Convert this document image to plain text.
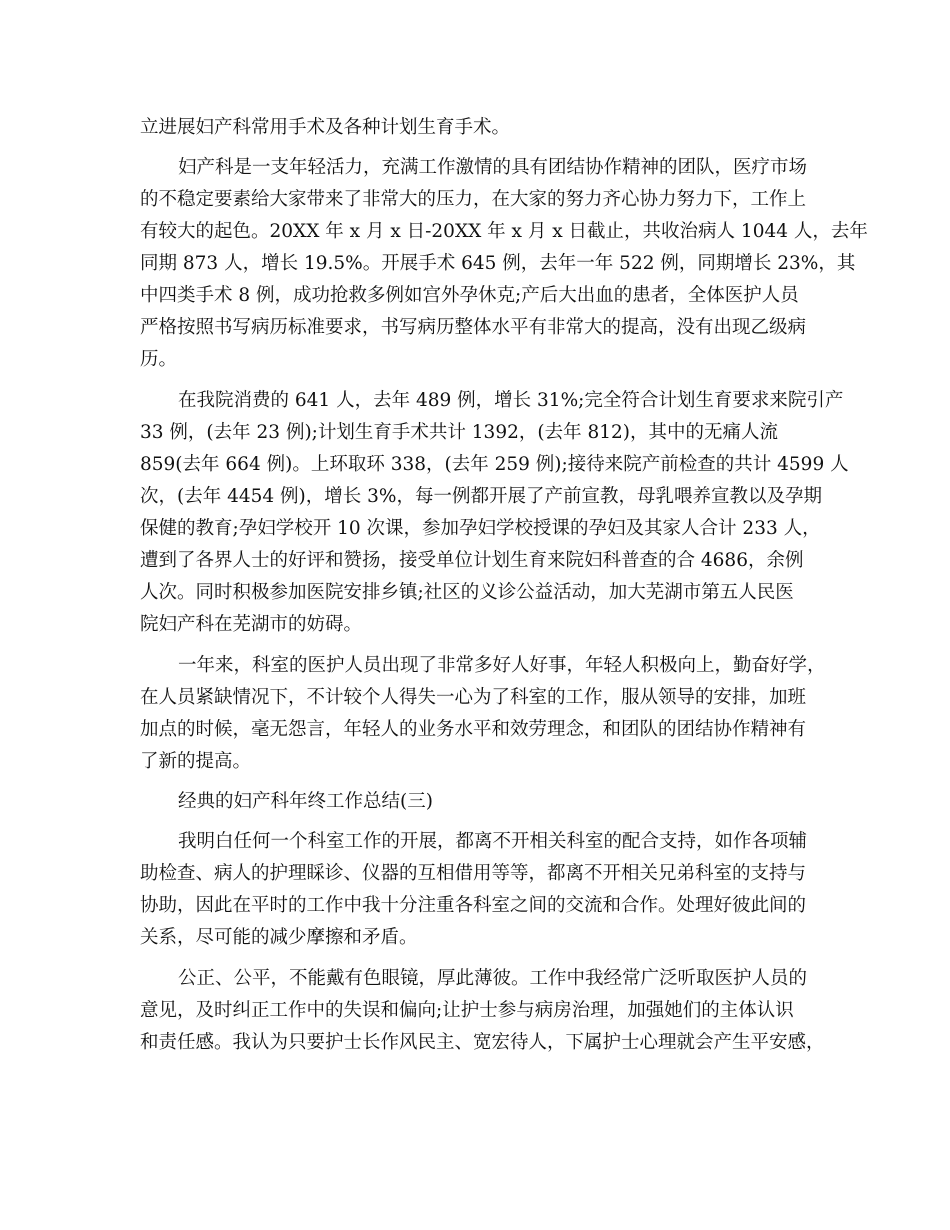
立进展妇产科常用手术及各种计划生育手术。

妇产科是一支年轻活力，充满工作激情的具有团结协作精神的团队，医疗市场

的不稳定要素给大家带来了非常大的压力，在大家的努力齐心协力努力下，工作上

有较大的起色。20XX 年 x 月 x 日-20XX 年 x 月 x 日截止，共收治病人 1044 人，去年

同期 873 人，增长 19.5%。开展手术 645 例，去年一年 522 例，同期增长 23%，其

中四类手术 8 例，成功抢救多例如宫外孕休克;产后大出血的患者，全体医护人员

严格按照书写病历标准要求，书写病历整体水平有非常大的提高，没有出现乙级病

历。

在我院消费的 641 人，去年 489 例，增长 31%;完全符合计划生育要求来院引产

33 例，(去年 23 例);计划生育手术共计 1392，(去年 812)，其中的无痛人流

859(去年 664 例)。上环取环 338，(去年 259 例);接待来院产前检查的共计 4599 人

次，(去年 4454 例)，增长 3%，每一例都开展了产前宣教，母乳喂养宣教以及孕期

保健的教育;孕妇学校开 10 次课，参加孕妇学校授课的孕妇及其家人合计 233 人，

遭到了各界人士的好评和赞扬，接受单位计划生育来院妇科普查的合 4686，余例

人次。同时积极参加医院安排乡镇;社区的义诊公益活动，加大芜湖市第五人民医

院妇产科在芜湖市的妨碍。

一年来，科室的医护人员出现了非常多好人好事，年轻人积极向上，勤奋好学，

在人员紧缺情况下，不计较个人得失一心为了科室的工作，服从领导的安排，加班

加点的时候，毫无怨言，年轻人的业务水平和效劳理念，和团队的团结协作精神有

了新的提高。

经典的妇产科年终工作总结(三)

我明白任何一个科室工作的开展，都离不开相关科室的配合支持，如作各项辅

助检查、病人的护理睬诊、仪器的互相借用等等，都离不开相关兄弟科室的支持与

协助，因此在平时的工作中我十分注重各科室之间的交流和合作。处理好彼此间的

关系，尽可能的减少摩擦和矛盾。

公正、公平，不能戴有色眼镜，厚此薄彼。工作中我经常广泛听取医护人员的

意见，及时纠正工作中的失误和偏向;让护士参与病房治理，加强她们的主体认识

和责任感。我认为只要护士长作风民主、宽宏待人，下属护士心理就会产生平安感，
